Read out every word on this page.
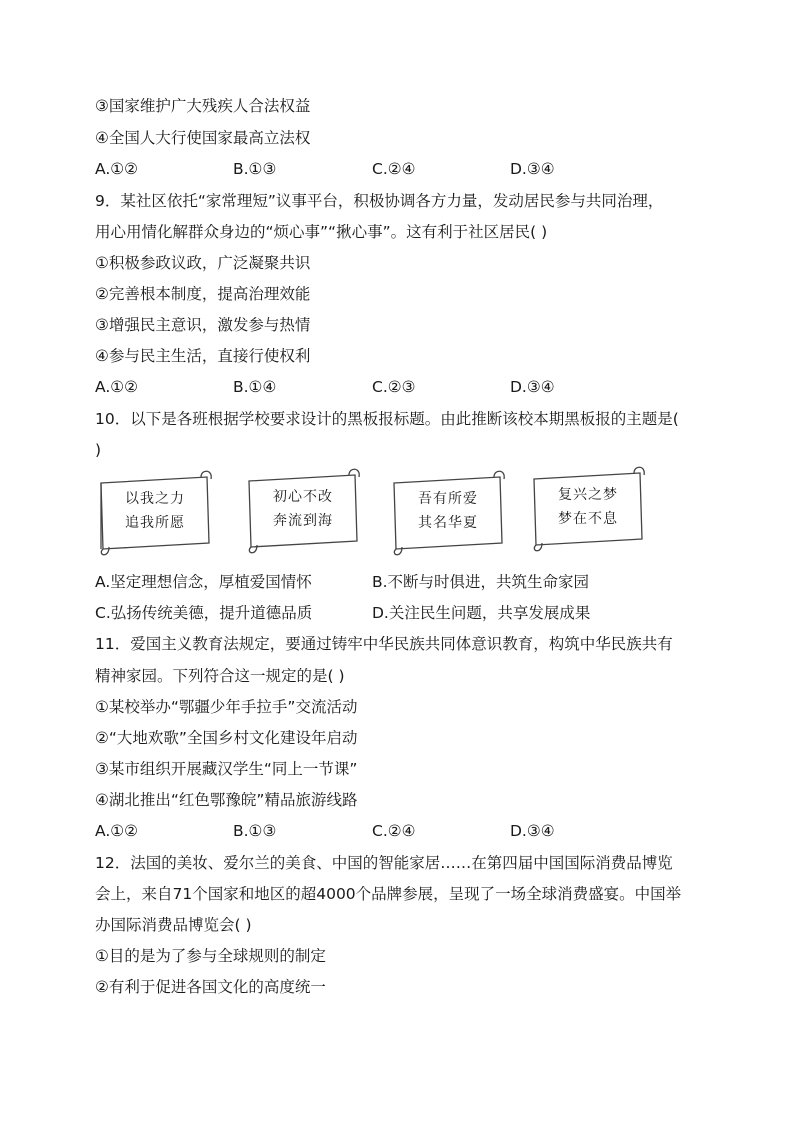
③国家维护广大残疾人合法权益
④全国人大行使国家最高立法权
A.①②	B.①③	C.②④	D.③④
9．某社区依托“家常理短”议事平台，积极协调各方力量，发动居民参与共同治理，
用心用情化解群众身边的“烦心事”“揪心事”。这有利于社区居民( )
①积极参政议政，广泛凝聚共识
②完善根本制度，提高治理效能
③增强民主意识，激发参与热情
④参与民主生活，直接行使权利
A.①②	B.①④	C.②③	D.③④
10．以下是各班根据学校要求设计的黑板报标题。由此推断该校本期黑板报的主题是(
)
以我之力
追我所愿
初心不改
奔流到海
吾有所爱
其名华夏
复兴之梦
梦在不息
A.坚定理想信念，厚植爱国情怀	B.不断与时俱进，共筑生命家园
C.弘扬传统美德，提升道德品质	D.关注民生问题，共享发展成果
11．爱国主义教育法规定，要通过铸牢中华民族共同体意识教育，构筑中华民族共有
精神家园。下列符合这一规定的是( )
①某校举办“鄂疆少年手拉手”交流活动
②“大地欢歌”全国乡村文化建设年启动
③某市组织开展藏汉学生“同上一节课”
④湖北推出“红色鄂豫皖”精品旅游线路
A.①②	B.①③	C.②④	D.③④
12．法国的美妆、爱尔兰的美食、中国的智能家居……在第四届中国国际消费品博览
会上，来自71个国家和地区的超4000个品牌参展，呈现了一场全球消费盛宴。中国举
办国际消费品博览会( )
①目的是为了参与全球规则的制定
②有利于促进各国文化的高度统一
